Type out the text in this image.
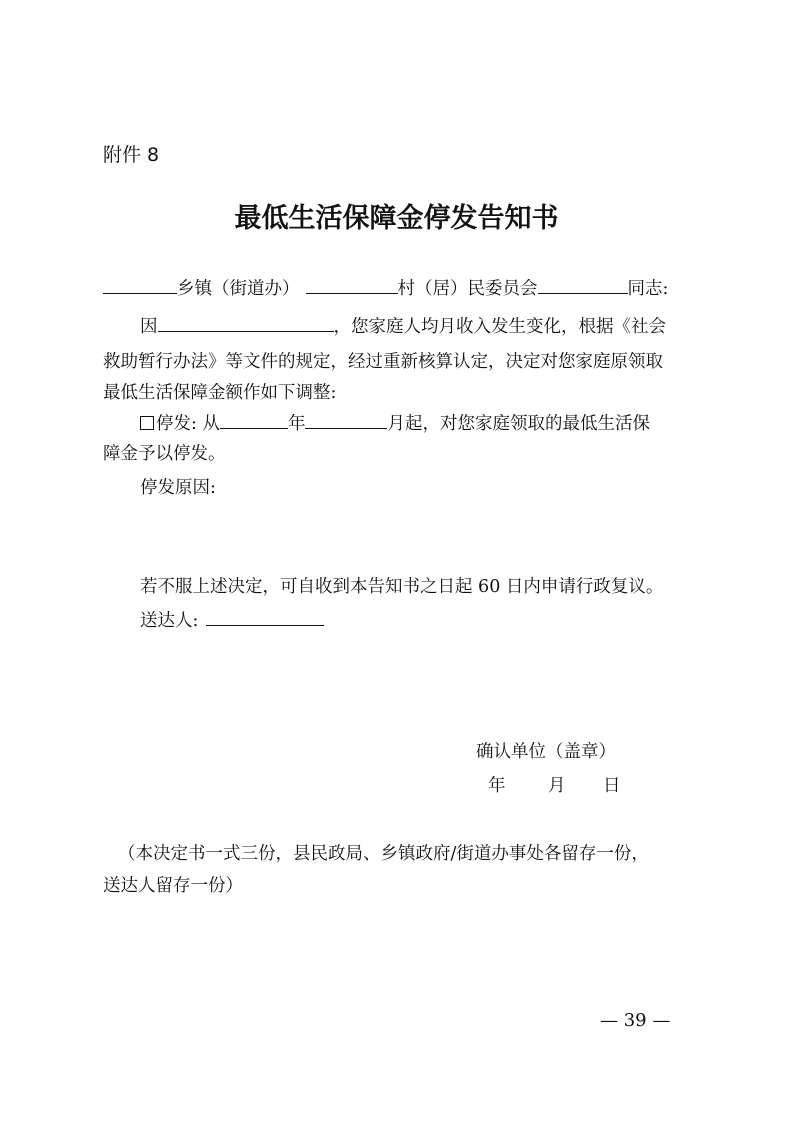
附件 8
最低生活保障金停发告知书
乡镇（街道办）	村（居）民委员会	同志:
因	，您家庭人均月收入发生变化，根据《社会
救助暂行办法》等文件的规定，经过重新核算认定，决定对您家庭原领取
最低生活保障金额作如下调整:
停发: 从	年	月起，对您家庭领取的最低生活保
障金予以停发。
停发原因:
若不服上述决定，可自收到本告知书之日起 60 日内申请行政复议。
送达人:
确认单位（盖章）
年 月 日
（本决定书一式三份，县民政局、乡镇政府/街道办事处各留存一份，
送达人留存一份）
— 39 —
